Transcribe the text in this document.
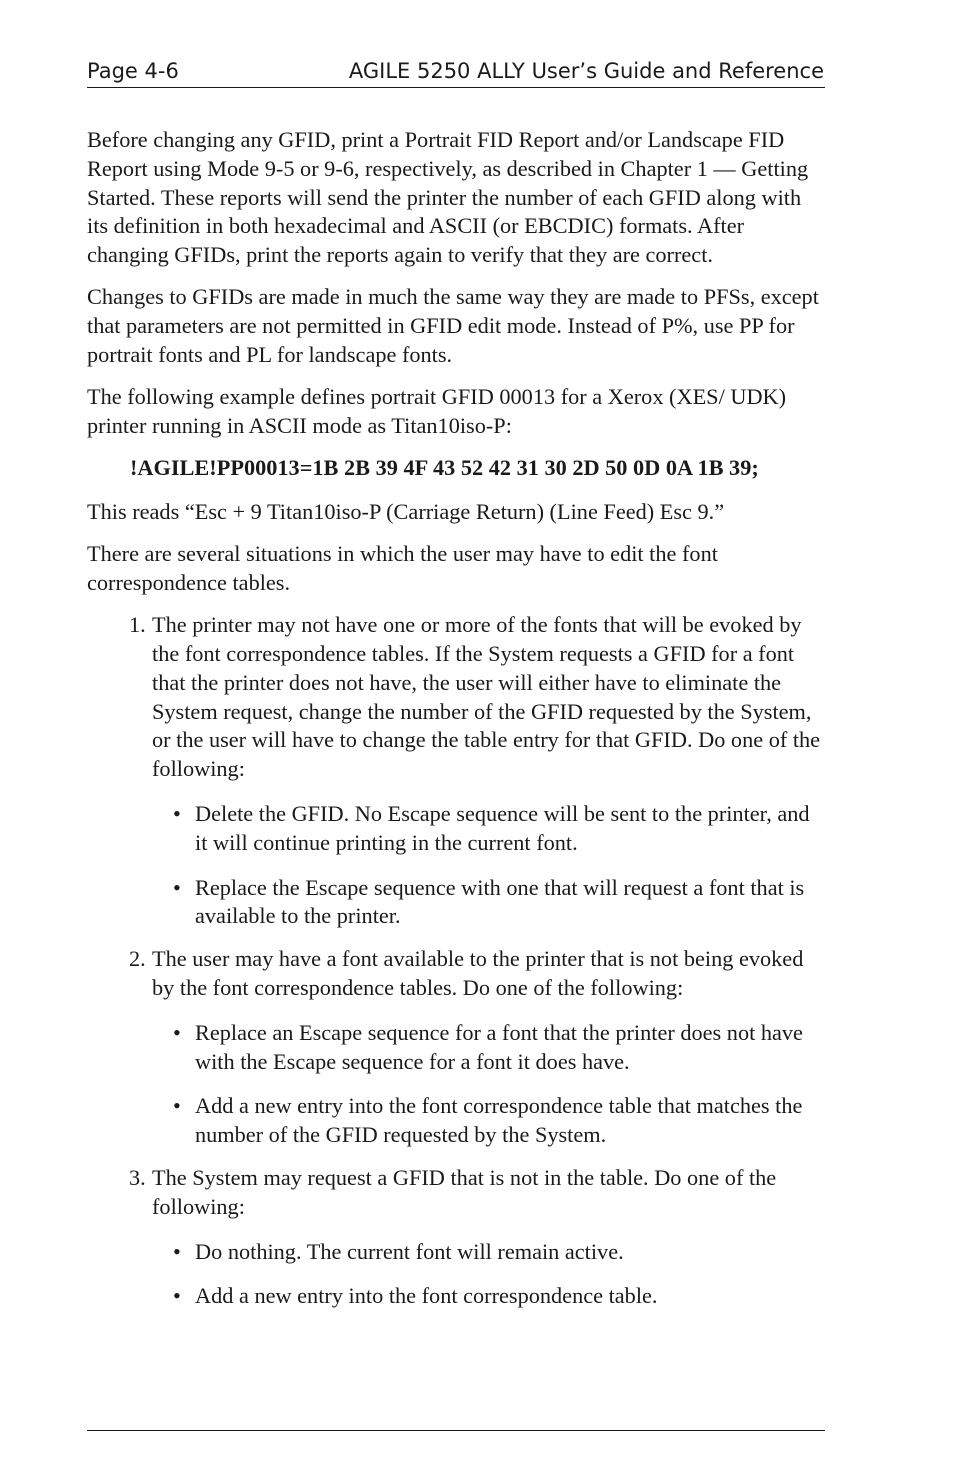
Page 4-6	AGILE 5250 ALLY User’s Guide and Reference

Before changing any GFID, print a Portrait FID Report and/or Landscape FID Report using Mode 9-5 or 9-6, respectively, as described in Chapter 1 — Getting Started. These reports will send the printer the number of each GFID along with its definition in both hexadecimal and ASCII (or EBCDIC) formats. After changing GFIDs, print the reports again to verify that they are correct.

Changes to GFIDs are made in much the same way they are made to PFSs, except that parameters are not permitted in GFID edit mode. Instead of P%, use PP for portrait fonts and PL for landscape fonts.

The following example defines portrait GFID 00013 for a Xerox (XES/ UDK) printer running in ASCII mode as Titan10iso-P:

!AGILE!PP00013=1B 2B 39 4F 43 52 42 31 30 2D 50 0D 0A 1B 39;

This reads “Esc + 9 Titan10iso-P (Carriage Return) (Line Feed) Esc 9.”

There are several situations in which the user may have to edit the font correspondence tables.

1. The printer may not have one or more of the fonts that will be evoked by the font correspondence tables. If the System requests a GFID for a font that the printer does not have, the user will either have to eliminate the System request, change the number of the GFID requested by the System, or the user will have to change the table entry for that GFID. Do one of the following:
• Delete the GFID. No Escape sequence will be sent to the printer, and it will continue printing in the current font.
• Replace the Escape sequence with one that will request a font that is available to the printer.
2. The user may have a font available to the printer that is not being evoked by the font correspondence tables. Do one of the following:
• Replace an Escape sequence for a font that the printer does not have with the Escape sequence for a font it does have.
• Add a new entry into the font correspondence table that matches the number of the GFID requested by the System.
3. The System may request a GFID that is not in the table. Do one of the following:
• Do nothing. The current font will remain active.
• Add a new entry into the font correspondence table.
